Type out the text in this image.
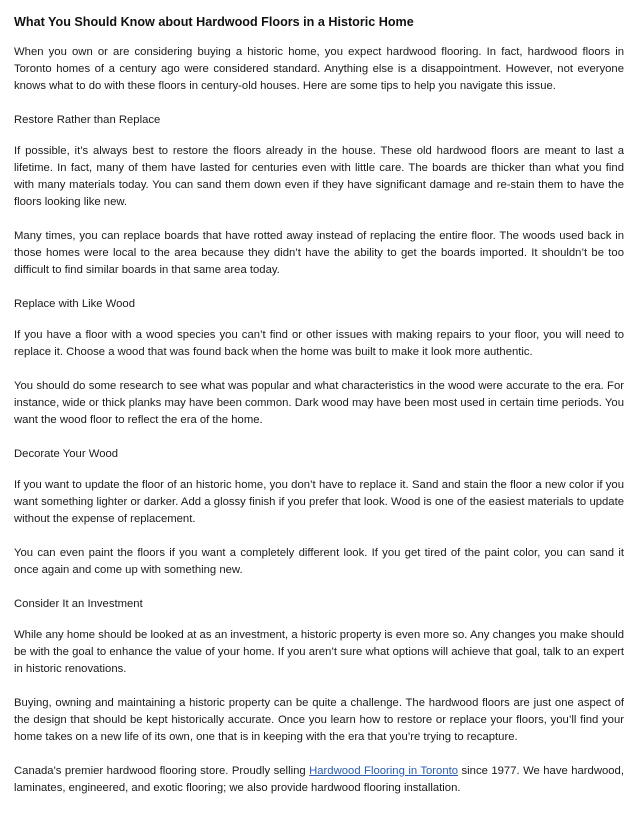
What You Should Know about Hardwood Floors in a Historic Home

When you own or are considering buying a historic home, you expect hardwood flooring. In fact, hardwood floors in Toronto homes of a century ago were considered standard. Anything else is a disappointment. However, not everyone knows what to do with these floors in century-old houses. Here are some tips to help you navigate this issue.

Restore Rather than Replace

If possible, it’s always best to restore the floors already in the house. These old hardwood floors are meant to last a lifetime. In fact, many of them have lasted for centuries even with little care. The boards are thicker than what you find with many materials today. You can sand them down even if they have significant damage and re-stain them to have the floors looking like new.

Many times, you can replace boards that have rotted away instead of replacing the entire floor. The woods used back in those homes were local to the area because they didn’t have the ability to get the boards imported. It shouldn’t be too difficult to find similar boards in that same area today.

Replace with Like Wood

If you have a floor with a wood species you can’t find or other issues with making repairs to your floor, you will need to replace it. Choose a wood that was found back when the home was built to make it look more authentic.

You should do some research to see what was popular and what characteristics in the wood were accurate to the era. For instance, wide or thick planks may have been common. Dark wood may have been most used in certain time periods. You want the wood floor to reflect the era of the home.

Decorate Your Wood

If you want to update the floor of an historic home, you don’t have to replace it. Sand and stain the floor a new color if you want something lighter or darker. Add a glossy finish if you prefer that look. Wood is one of the easiest materials to update without the expense of replacement.

You can even paint the floors if you want a completely different look. If you get tired of the paint color, you can sand it once again and come up with something new.

Consider It an Investment

While any home should be looked at as an investment, a historic property is even more so. Any changes you make should be with the goal to enhance the value of your home. If you aren’t sure what options will achieve that goal, talk to an expert in historic renovations.

Buying, owning and maintaining a historic property can be quite a challenge. The hardwood floors are just one aspect of the design that should be kept historically accurate. Once you learn how to restore or replace your floors, you’ll find your home takes on a new life of its own, one that is in keeping with the era that you’re trying to recapture.

Canada's premier hardwood flooring store. Proudly selling Hardwood Flooring in Toronto since 1977. We have hardwood, laminates, engineered, and exotic flooring; we also provide hardwood flooring installation.
